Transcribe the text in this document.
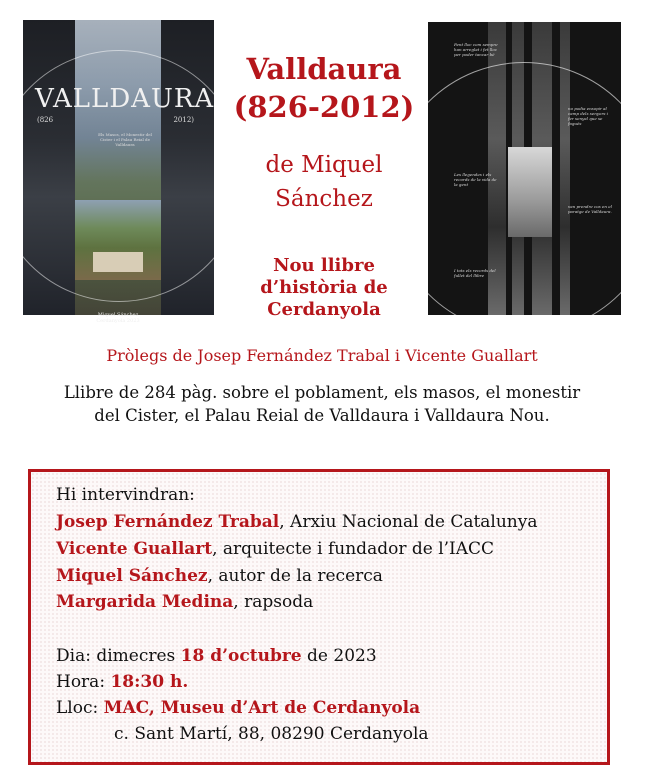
VALLDAURA
(826	2012)
Els Masos, el Monestir del Cister i el Palau Reial de Valldaura
Miquel Sánchez
Cerdanyola 2023
Fent lloc com sempre han arreglat i fet lloc per poder tancar bé
no podia ensopir al camp dels senyors i fer senyal que se fagués
Les llegendes i els records de la vida de la gent
van prendre cos en el paratge de Valldaura.
I tots els records del fullet del llibre
Valldaura
(826-2012)
de Miquel
Sánchez
Nou llibre
d’història de
Cerdanyola
Pròlegs de Josep Fernández Trabal i Vicente Guallart
Llibre de 284 pàg. sobre el poblament, els masos, el monestir
del Cister, el Palau Reial de Valldaura i Valldaura Nou.
Hi intervindran:
Josep Fernández Trabal, Arxiu Nacional de Catalunya
Vicente Guallart, arquitecte i fundador de l’IACC
Miquel Sánchez, autor de la recerca
Margarida Medina, rapsoda
Dia: dimecres 18 d’octubre de 2023
Hora: 18:30 h.
Lloc: MAC, Museu d’Art de Cerdanyola
c. Sant Martí, 88, 08290 Cerdanyola
